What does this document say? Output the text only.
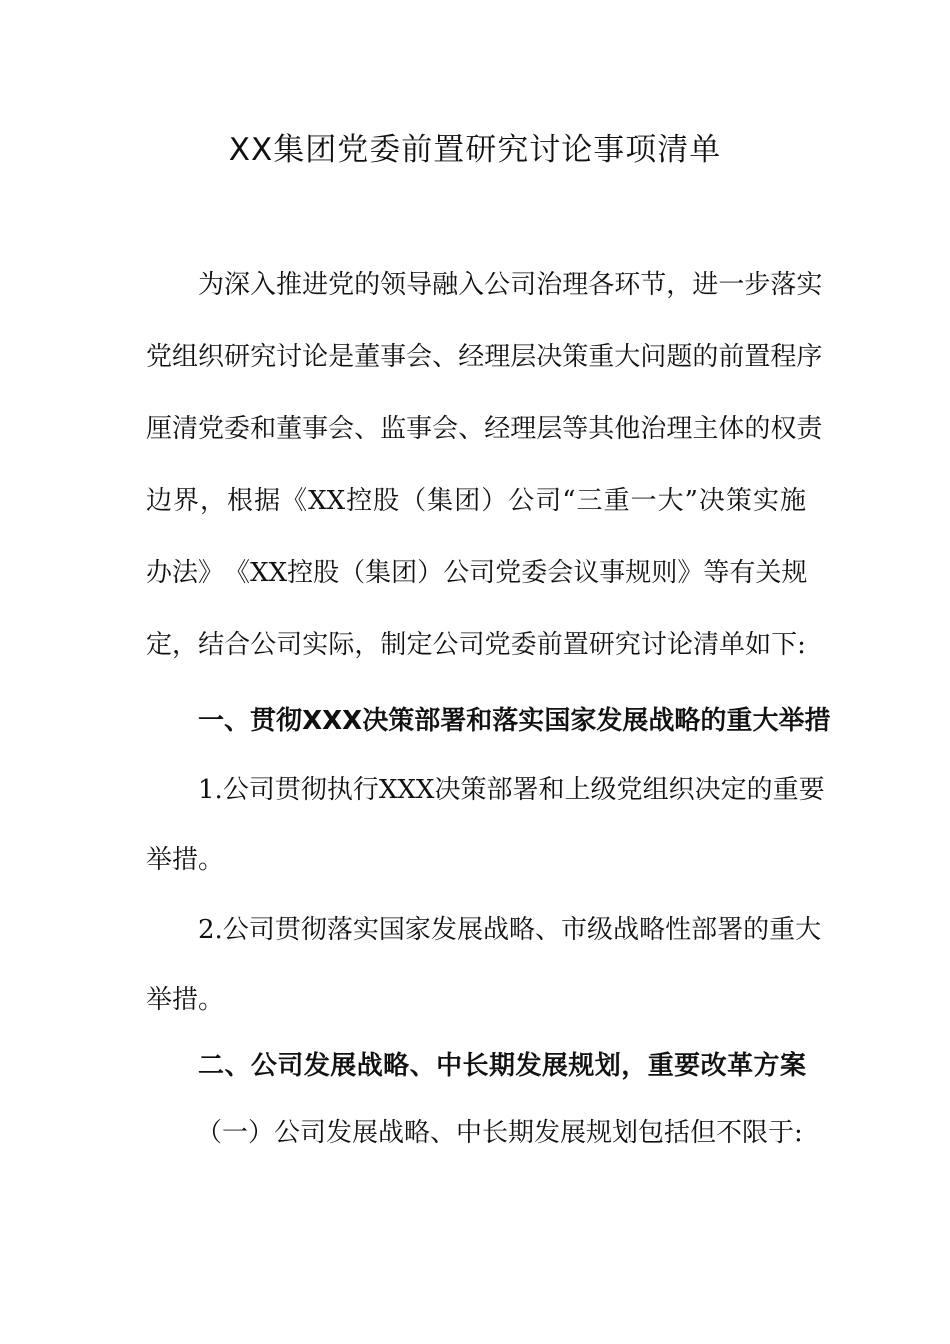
XX集团党委前置研究讨论事项清单
为 深 入 推 进 党 的 领 导 融 入 公 司 治 理 各 环 节 ， 进 一 步 落 实
党 组 织 研 究 讨 论 是 董 事 会 、 经 理 层 决 策 重 大 问 题 的 前 置 程 序
厘 清 党 委 和 董 事 会 、 监 事 会 、 经 理 层 等 其 他 治 理 主 体 的 权 责
边 界 ， 根 据 《 XX 控 股 （ 集 团 ） 公 司 “ 三 重 一 大 ” 决 策 实 施
办 法 》 《 XX 控 股 （ 集 团 ） 公 司 党 委 会 议 事 规 则 》 等 有 关 规
定 ， 结 合 公 司 实 际 ， 制 定 公 司 党 委 前 置 研 究 讨 论 清 单 如 下 :
一 、 贯 彻 XXX 决 策 部 署 和 落 实 国 家 发 展 战 略 的 重 大 举 措
1. 公 司 贯 彻 执 行 XXX 决 策 部 署 和 上 级 党 组 织 决 定 的 重 要
举措。
2. 公 司 贯 彻 落 实 国 家 发 展 战 略 、 市 级 战 略 性 部 署 的 重 大
举措。
二 、 公 司 发 展 战 略 、 中 长 期 发 展 规 划 ， 重 要 改 革 方 案
（一）公司发展战略、中长期发展规划包括但不限于:
